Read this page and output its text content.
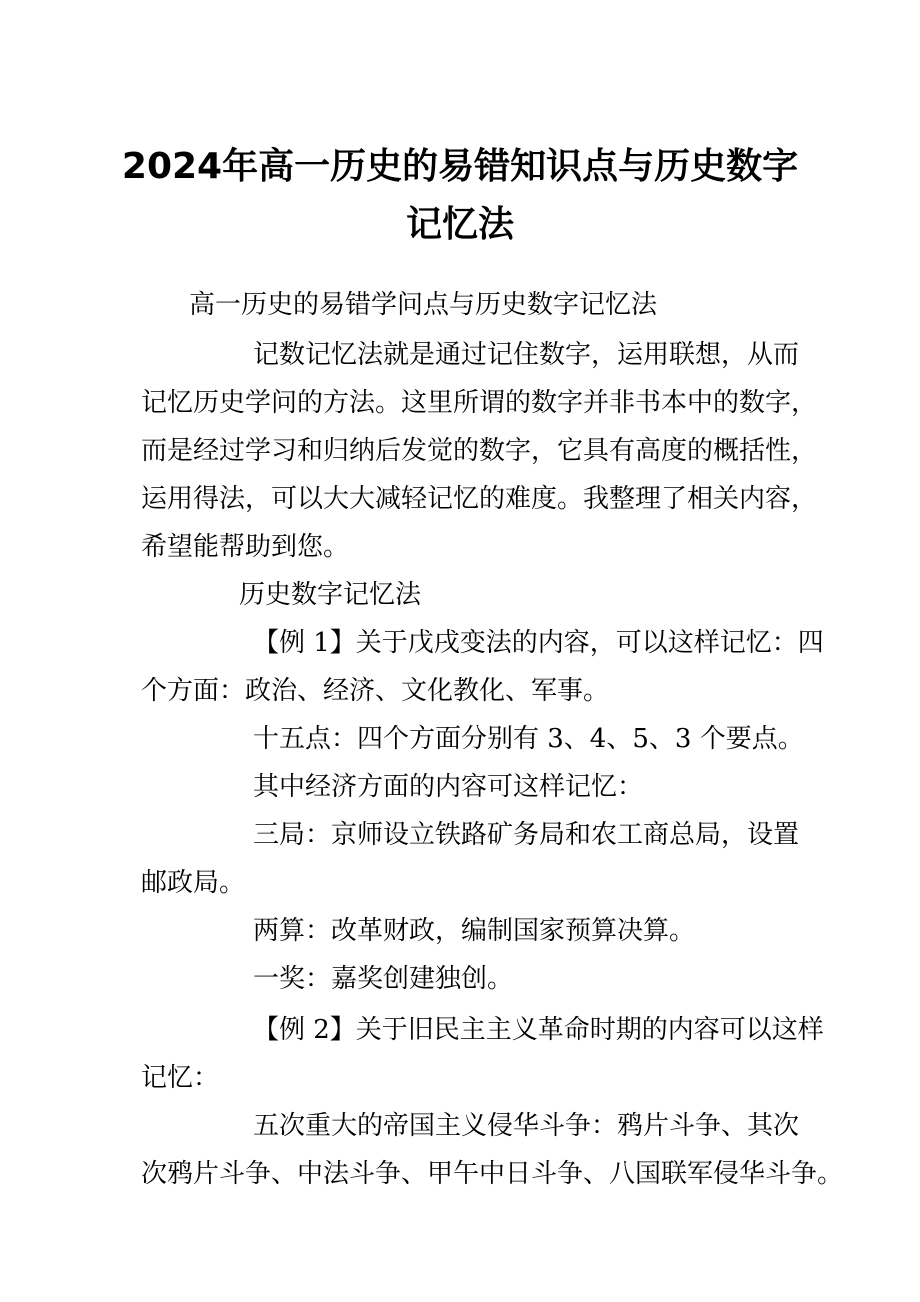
2024年高一历史的易错知识点与历史数字
记忆法

高一历史的易错学问点与历史数字记忆法

记数记忆法就是通过记住数字，运用联想，从而

记忆历史学问的方法。这里所谓的数字并非书本中的数字，

而是经过学习和归纳后发觉的数字，它具有高度的概括性，

运用得法，可以大大减轻记忆的难度。我整理了相关内容，

希望能帮助到您。

历史数字记忆法

【例 1】关于戊戌变法的内容，可以这样记忆：四

个方面：政治、经济、文化教化、军事。

十五点：四个方面分别有 3、4、5、3 个要点。

其中经济方面的内容可这样记忆：

三局：京师设立铁路矿务局和农工商总局，设置

邮政局。

两算：改革财政，编制国家预算决算。

一奖：嘉奖创建独创。

【例 2】关于旧民主主义革命时期的内容可以这样

记忆：

五次重大的帝国主义侵华斗争：鸦片斗争、其次

次鸦片斗争、中法斗争、甲午中日斗争、八国联军侵华斗争。
